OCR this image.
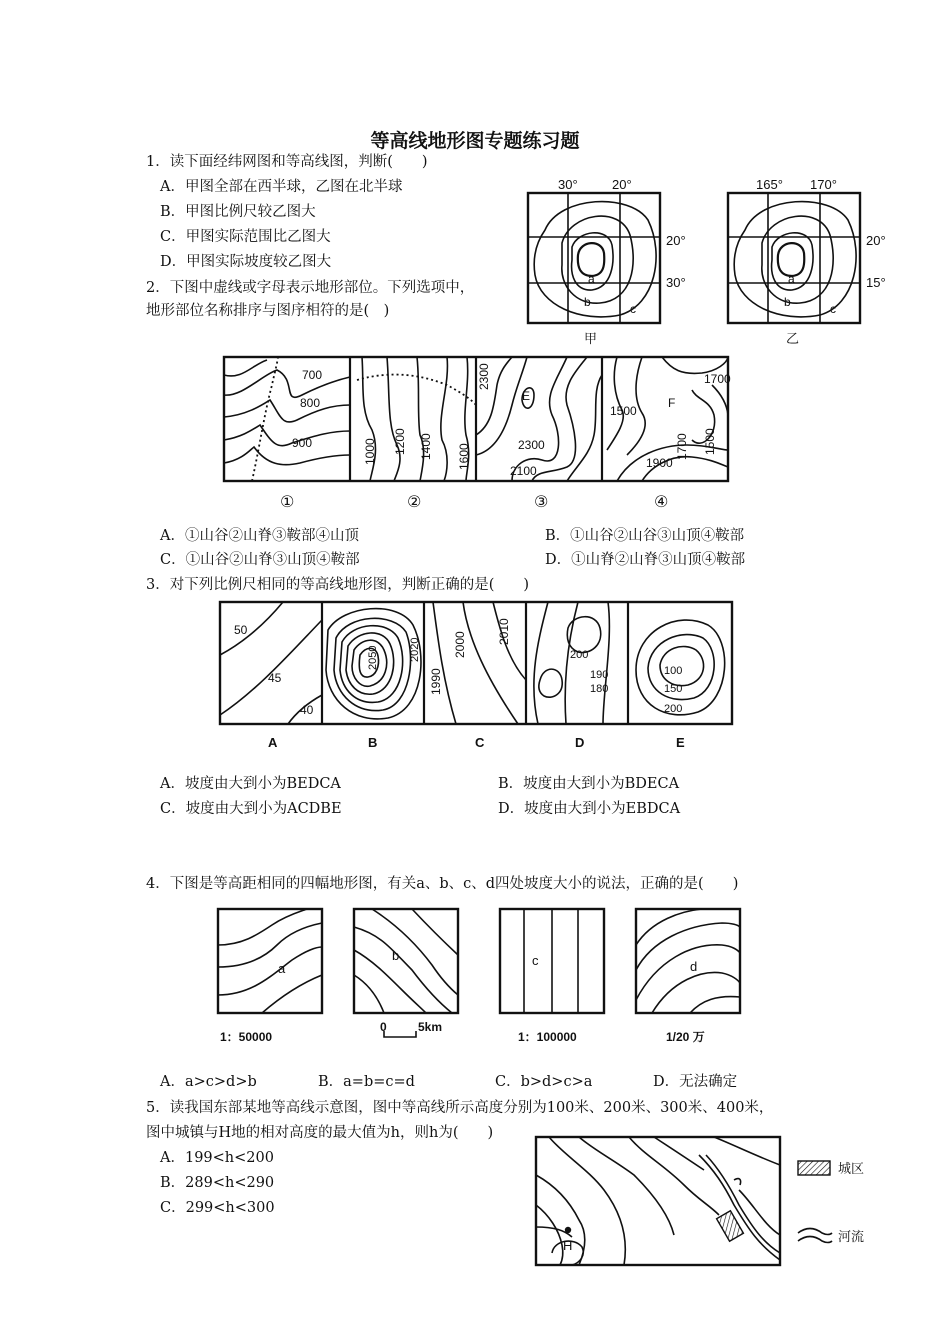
等高线地形图专题练习题
1．读下面经纬网图和等高线图，判断(　　)
A．甲图全部在西半球，乙图在北半球
B．甲图比例尺较乙图大
C．甲图实际范围比乙图大
D．甲图实际坡度较乙图大
30°	20°
20°
30°
a
b	c
甲
165° 170°
20°
15°
a
b	c
乙
2．下图中虚线或字母表示地形部位。下列选项中，
地形部位名称排序与图序相符的是(　)
700
800
900	1000 1200 1400 1600
2300
E
2300
2100
1700
1500
F
1700 1500
1900
①	②	③	④
A．①山谷②山脊③鞍部④山顶	B．①山谷②山谷③山顶④鞍部
C．①山谷②山脊③山顶④鞍部	D．①山脊②山脊③山顶④鞍部
3．对下列比例尺相同的等高线地形图，判断正确的是(　　)
50
45
40
2050	2020	2000	2010
1990
200
190
180
100
150
200
A	B	C	D	E
A．坡度由大到小为BEDCA	B．坡度由大到小为BDECA
C．坡度由大到小为ACDBE	D．坡度由大到小为EBDCA
4．下图是等高距相同的四幅地形图，有关a、b、c、d四处坡度大小的说法，正确的是(　　)
a
1：50000
b
0	5km
c
1：100000
d
1/20 万
A．a>c>d>b	B．a=b=c=d	C．b>d>c>a	D．无法确定
5．读我国东部某地等高线示意图，图中等高线所示高度分别为100米、200米、300米、400米，
图中城镇与H地的相对高度的最大值为h，则h为(　　)
A．199<h<200
B．289<h<290
C．299<h<300
H
城区
河流
